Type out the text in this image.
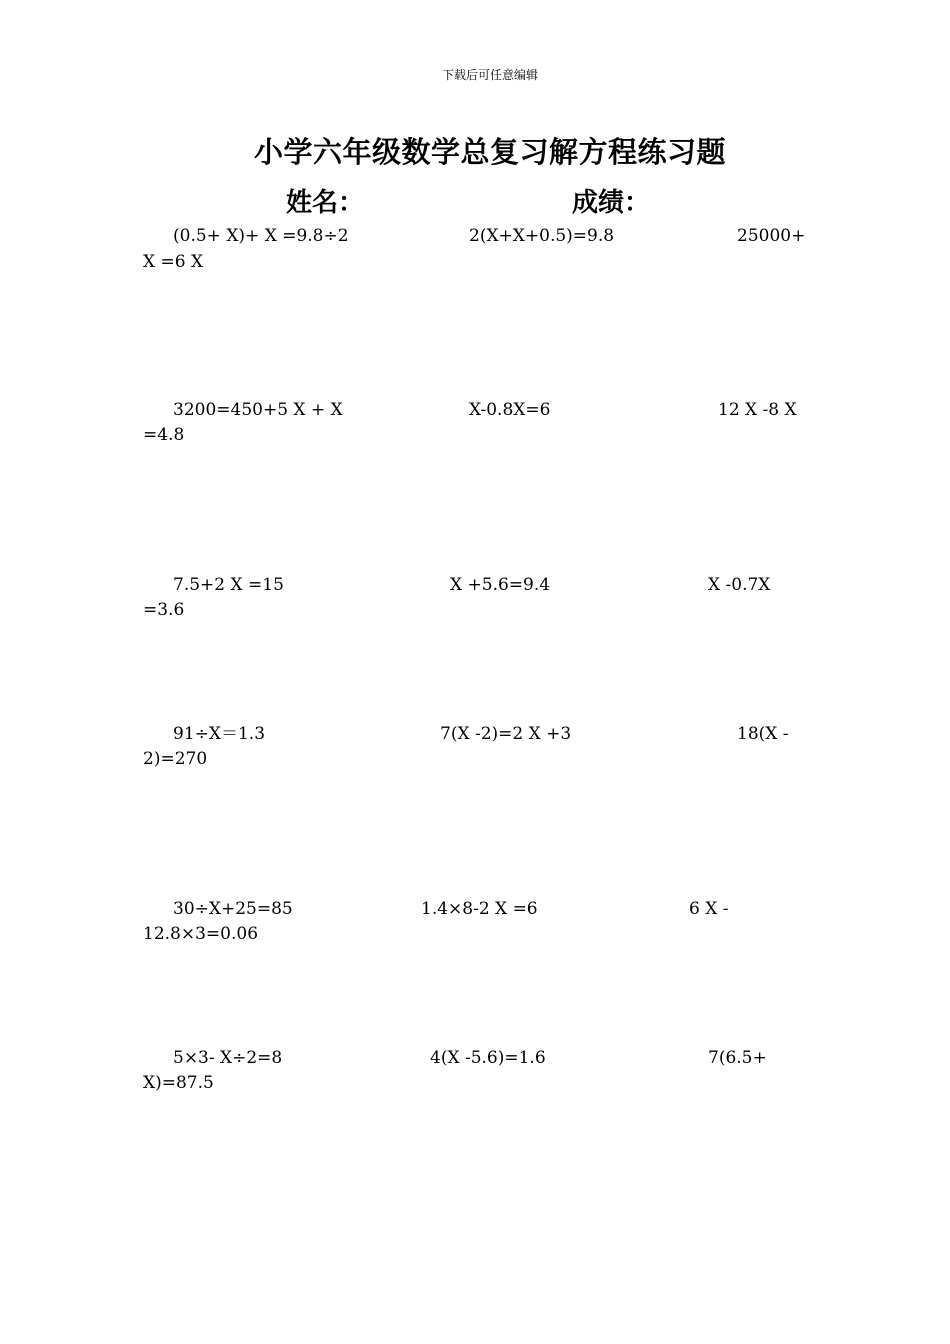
下载后可任意编辑
小学六年级数学总复习解方程练习题
姓名：	成绩：
(0.5+ X)+ X =9.8÷2	2(X+X+0.5)=9.8	25000+
X =6 X
3200=450+5 X + X	X-0.8X=6	12 X -8 X
=4.8
7.5+2 X =15	X +5.6=9.4	X -0.7X
=3.6
91÷X＝1.3	7(X -2)=2 X +3	18(X -
2)=270
30÷X+25=85	1.4×8-2 X =6	6 X -
12.8×3=0.06
5×3- X÷2=8	4(X -5.6)=1.6	7(6.5+
X)=87.5
